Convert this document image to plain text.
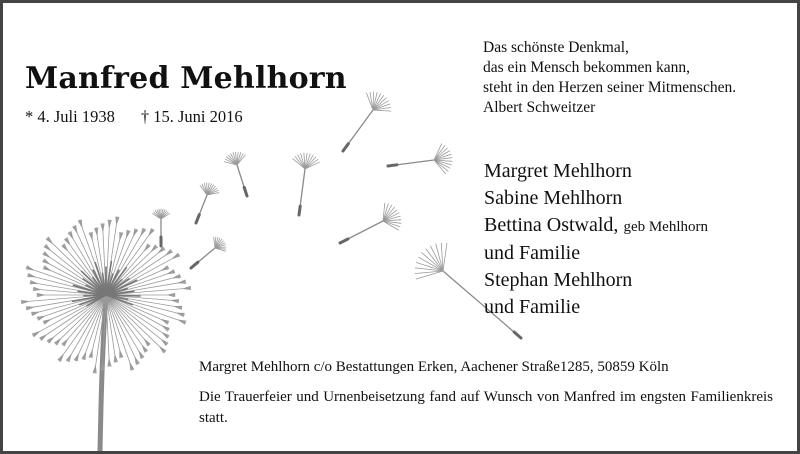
Manfred Mehlhorn
* 4. Juli 1938 † 15. Juni 2016
Das schönste Denkmal,
das ein Mensch bekommen kann,
steht in den Herzen seiner Mitmenschen.
Albert Schweitzer
Margret Mehlhorn
Sabine Mehlhorn
Bettina Ostwald, geb Mehlhorn
und Familie
Stephan Mehlhorn
und Familie
Margret Mehlhorn c/o Bestattungen Erken, Aachener Straße1285, 50859 Köln
Die Trauerfeier und Urnenbeisetzung fand auf Wunsch von Manfred im engsten Familienkreis statt.
